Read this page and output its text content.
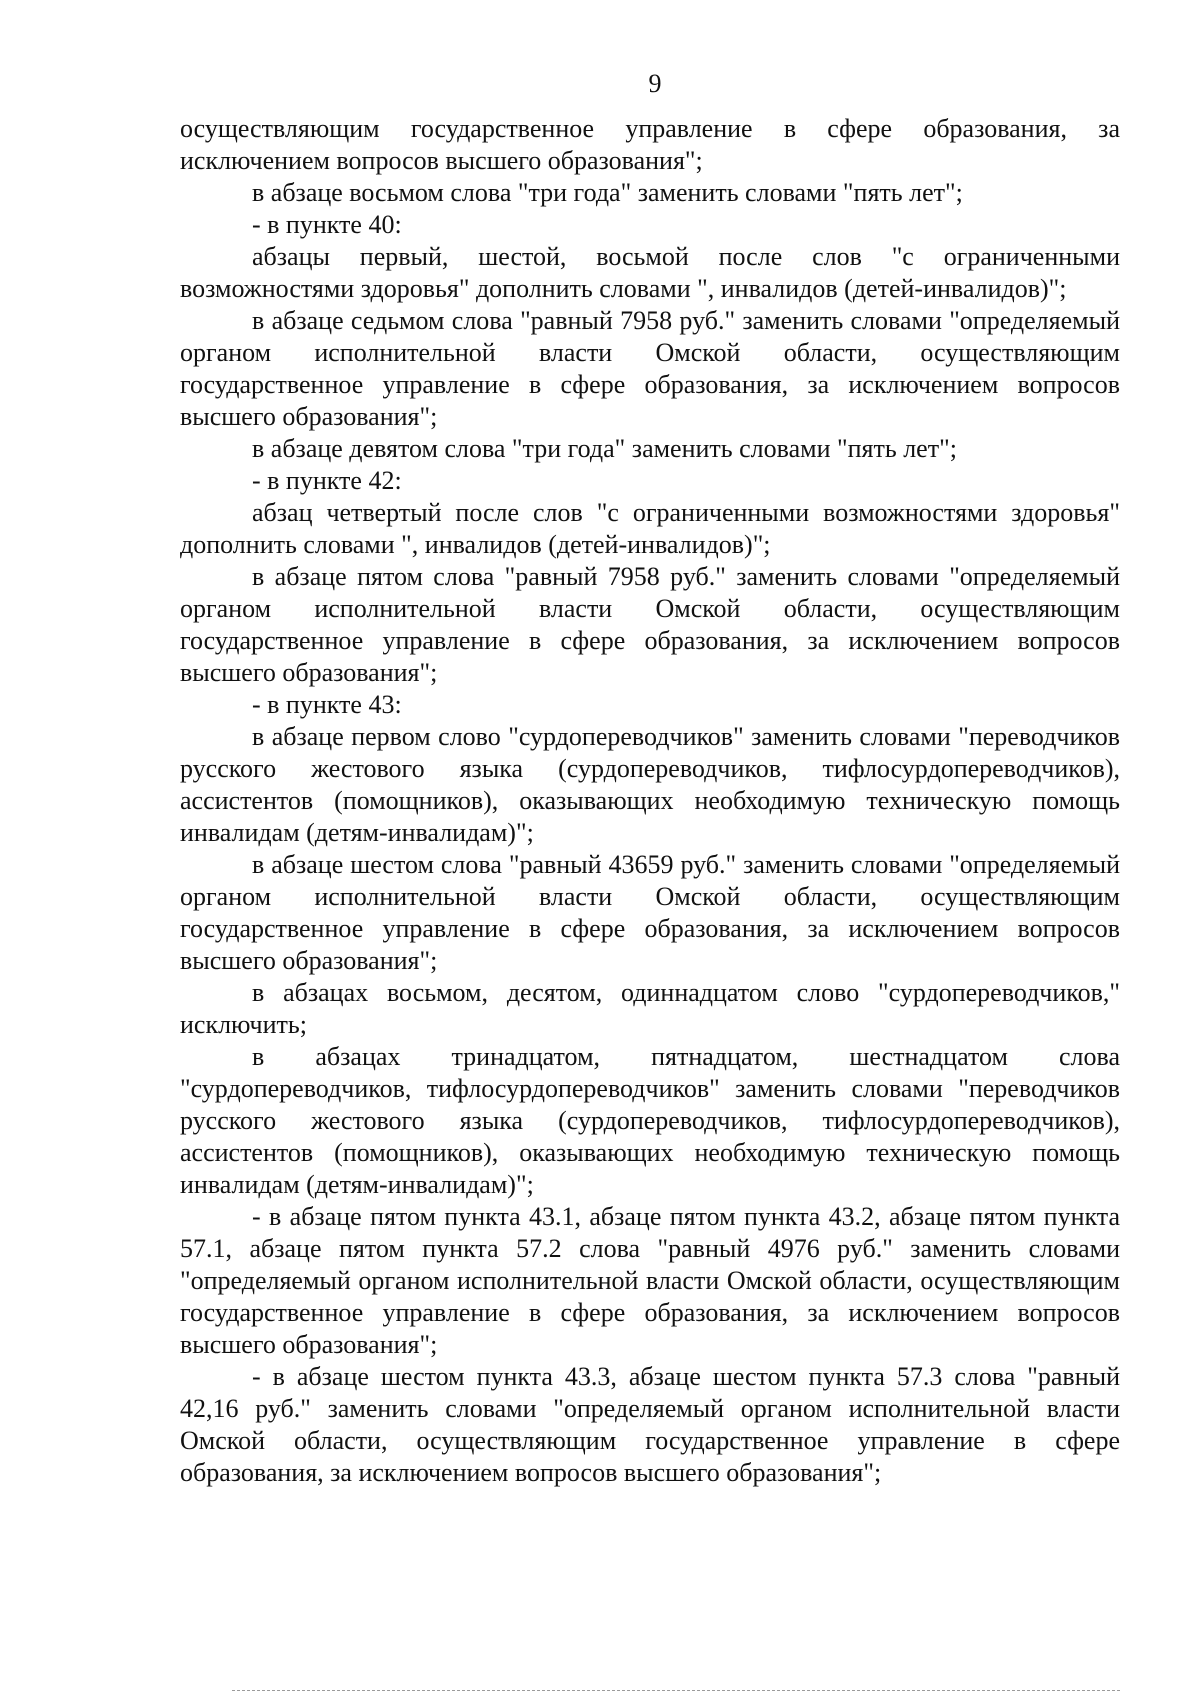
9

осуществляющим государственное управление в сфере образования, за исключением вопросов высшего образования";

в абзаце восьмом слова "три года" заменить словами "пять лет";

- в пункте 40:

абзацы первый, шестой, восьмой после слов "с ограниченными возможностями здоровья" дополнить словами ", инвалидов (детей-инвалидов)";

в абзаце седьмом слова "равный 7958 руб." заменить словами "определяемый органом исполнительной власти Омской области, осуществляющим государственное управление в сфере образования, за исключением вопросов высшего образования";

в абзаце девятом слова "три года" заменить словами "пять лет";

- в пункте 42:

абзац четвертый после слов "с ограниченными возможностями здоровья" дополнить словами ", инвалидов (детей-инвалидов)";

в абзаце пятом слова "равный 7958 руб." заменить словами "определяемый органом исполнительной власти Омской области, осуществляющим государственное управление в сфере образования, за исключением вопросов высшего образования";

- в пункте 43:

в абзаце первом слово "сурдопереводчиков" заменить словами "переводчиков русского жестового языка (сурдопереводчиков, тифлосурдопереводчиков), ассистентов (помощников), оказывающих необходимую техническую помощь инвалидам (детям-инвалидам)";

в абзаце шестом слова "равный 43659 руб." заменить словами "определяемый органом исполнительной власти Омской области, осуществляющим государственное управление в сфере образования, за исключением вопросов высшего образования";

в абзацах восьмом, десятом, одиннадцатом слово "сурдопереводчиков," исключить;

в абзацах тринадцатом, пятнадцатом, шестнадцатом слова "сурдопереводчиков, тифлосурдопереводчиков" заменить словами "переводчиков русского жестового языка (сурдопереводчиков, тифлосурдопереводчиков), ассистентов (помощников), оказывающих необходимую техническую помощь инвалидам (детям-инвалидам)";

- в абзаце пятом пункта 43.1, абзаце пятом пункта 43.2, абзаце пятом пункта 57.1, абзаце пятом пункта 57.2 слова "равный 4976 руб." заменить словами "определяемый органом исполнительной власти Омской области, осуществляющим государственное управление в сфере образования, за исключением вопросов высшего образования";

- в абзаце шестом пункта 43.3, абзаце шестом пункта 57.3 слова "равный 42,16 руб." заменить словами "определяемый органом исполнительной власти Омской области, осуществляющим государственное управление в сфере образования, за исключением вопросов высшего образования";
